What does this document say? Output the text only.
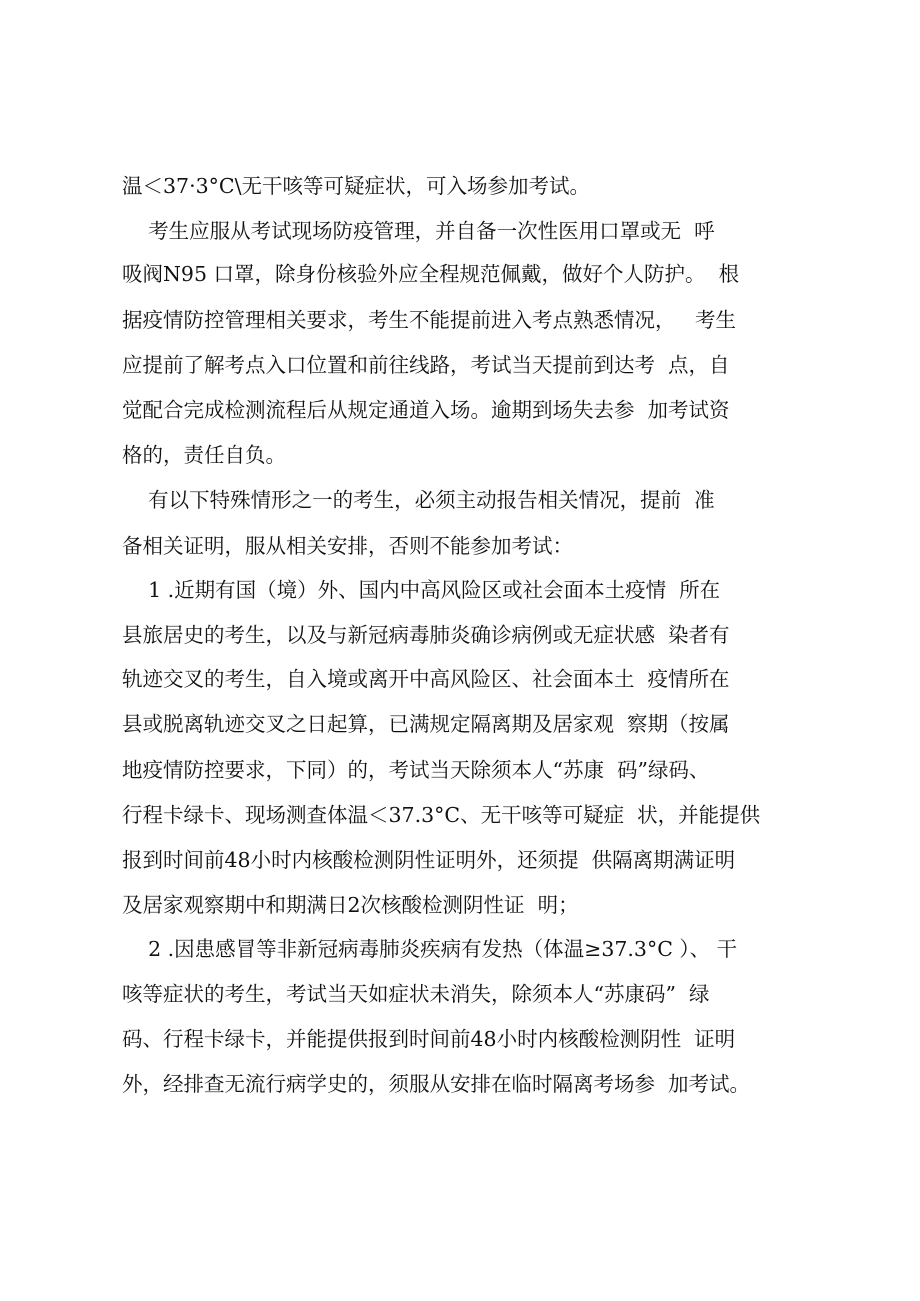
温＜37·3°C\无干咳等可疑症状，可入场参加考试。
考生应服从考试现场防疫管理，并自备一次性医用口罩或无  呼
吸阀N95 口罩，除身份核验外应全程规范佩戴，做好个人防护。  根
据疫情防控管理相关要求，考生不能提前进入考点熟悉情况，   考生
应提前了解考点入口位置和前往线路，考试当天提前到达考  点，自
觉配合完成检测流程后从规定通道入场。逾期到场失去参  加考试资
格的，责任自负。
有以下特殊情形之一的考生，必须主动报告相关情况，提前  准
备相关证明，服从相关安排，否则不能参加考试：
1 .近期有国（境）外、国内中高风险区或社会面本土疫情  所在
县旅居史的考生，以及与新冠病毒肺炎确诊病例或无症状感  染者有
轨迹交叉的考生，自入境或离开中高风险区、社会面本土  疫情所在
县或脱离轨迹交叉之日起算，已满规定隔离期及居家观  察期（按属
地疫情防控要求，下同）的，考试当天除须本人“苏康  码”绿码、
行程卡绿卡、现场测查体温＜37.3°C、无干咳等可疑症  状，并能提供
报到时间前48小时内核酸检测阴性证明外，还须提  供隔离期满证明
及居家观察期中和期满日2次核酸检测阴性证  明；
2 .因患感冒等非新冠病毒肺炎疾病有发热（体温≥37.3°C ）、 干
咳等症状的考生，考试当天如症状未消失，除须本人“苏康码”  绿
码、行程卡绿卡，并能提供报到时间前48小时内核酸检测阴性  证明
外，经排查无流行病学史的，须服从安排在临时隔离考场参  加考试。
